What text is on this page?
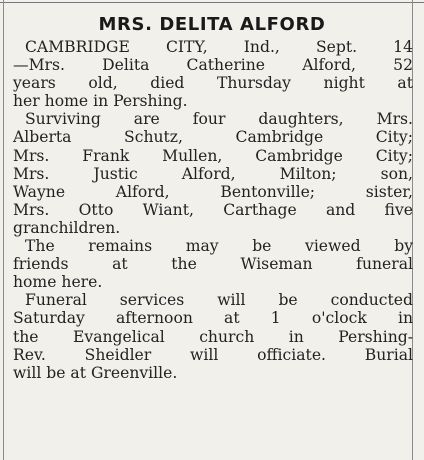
MRS. DELITA ALFORD
CAMBRIDGE CITY, Ind., Sept. 14
—Mrs. Delita Catherine Alford, 52
years old, died Thursday night at
her home in Pershing.
Surviving are four daughters, Mrs.
Alberta Schutz, Cambridge City;
Mrs. Frank Mullen, Cambridge City;
Mrs. Justic Alford, Milton; son,
Wayne Alford, Bentonville; sister,
Mrs. Otto Wiant, Carthage and five
granchildren.
The remains may be viewed by
friends at the Wiseman funeral
home here.
Funeral services will be conducted
Saturday afternoon at 1 o'clock in
the Evangelical church in Pershing-
Rev. Sheidler will officiate. Burial
will be at Greenville.
